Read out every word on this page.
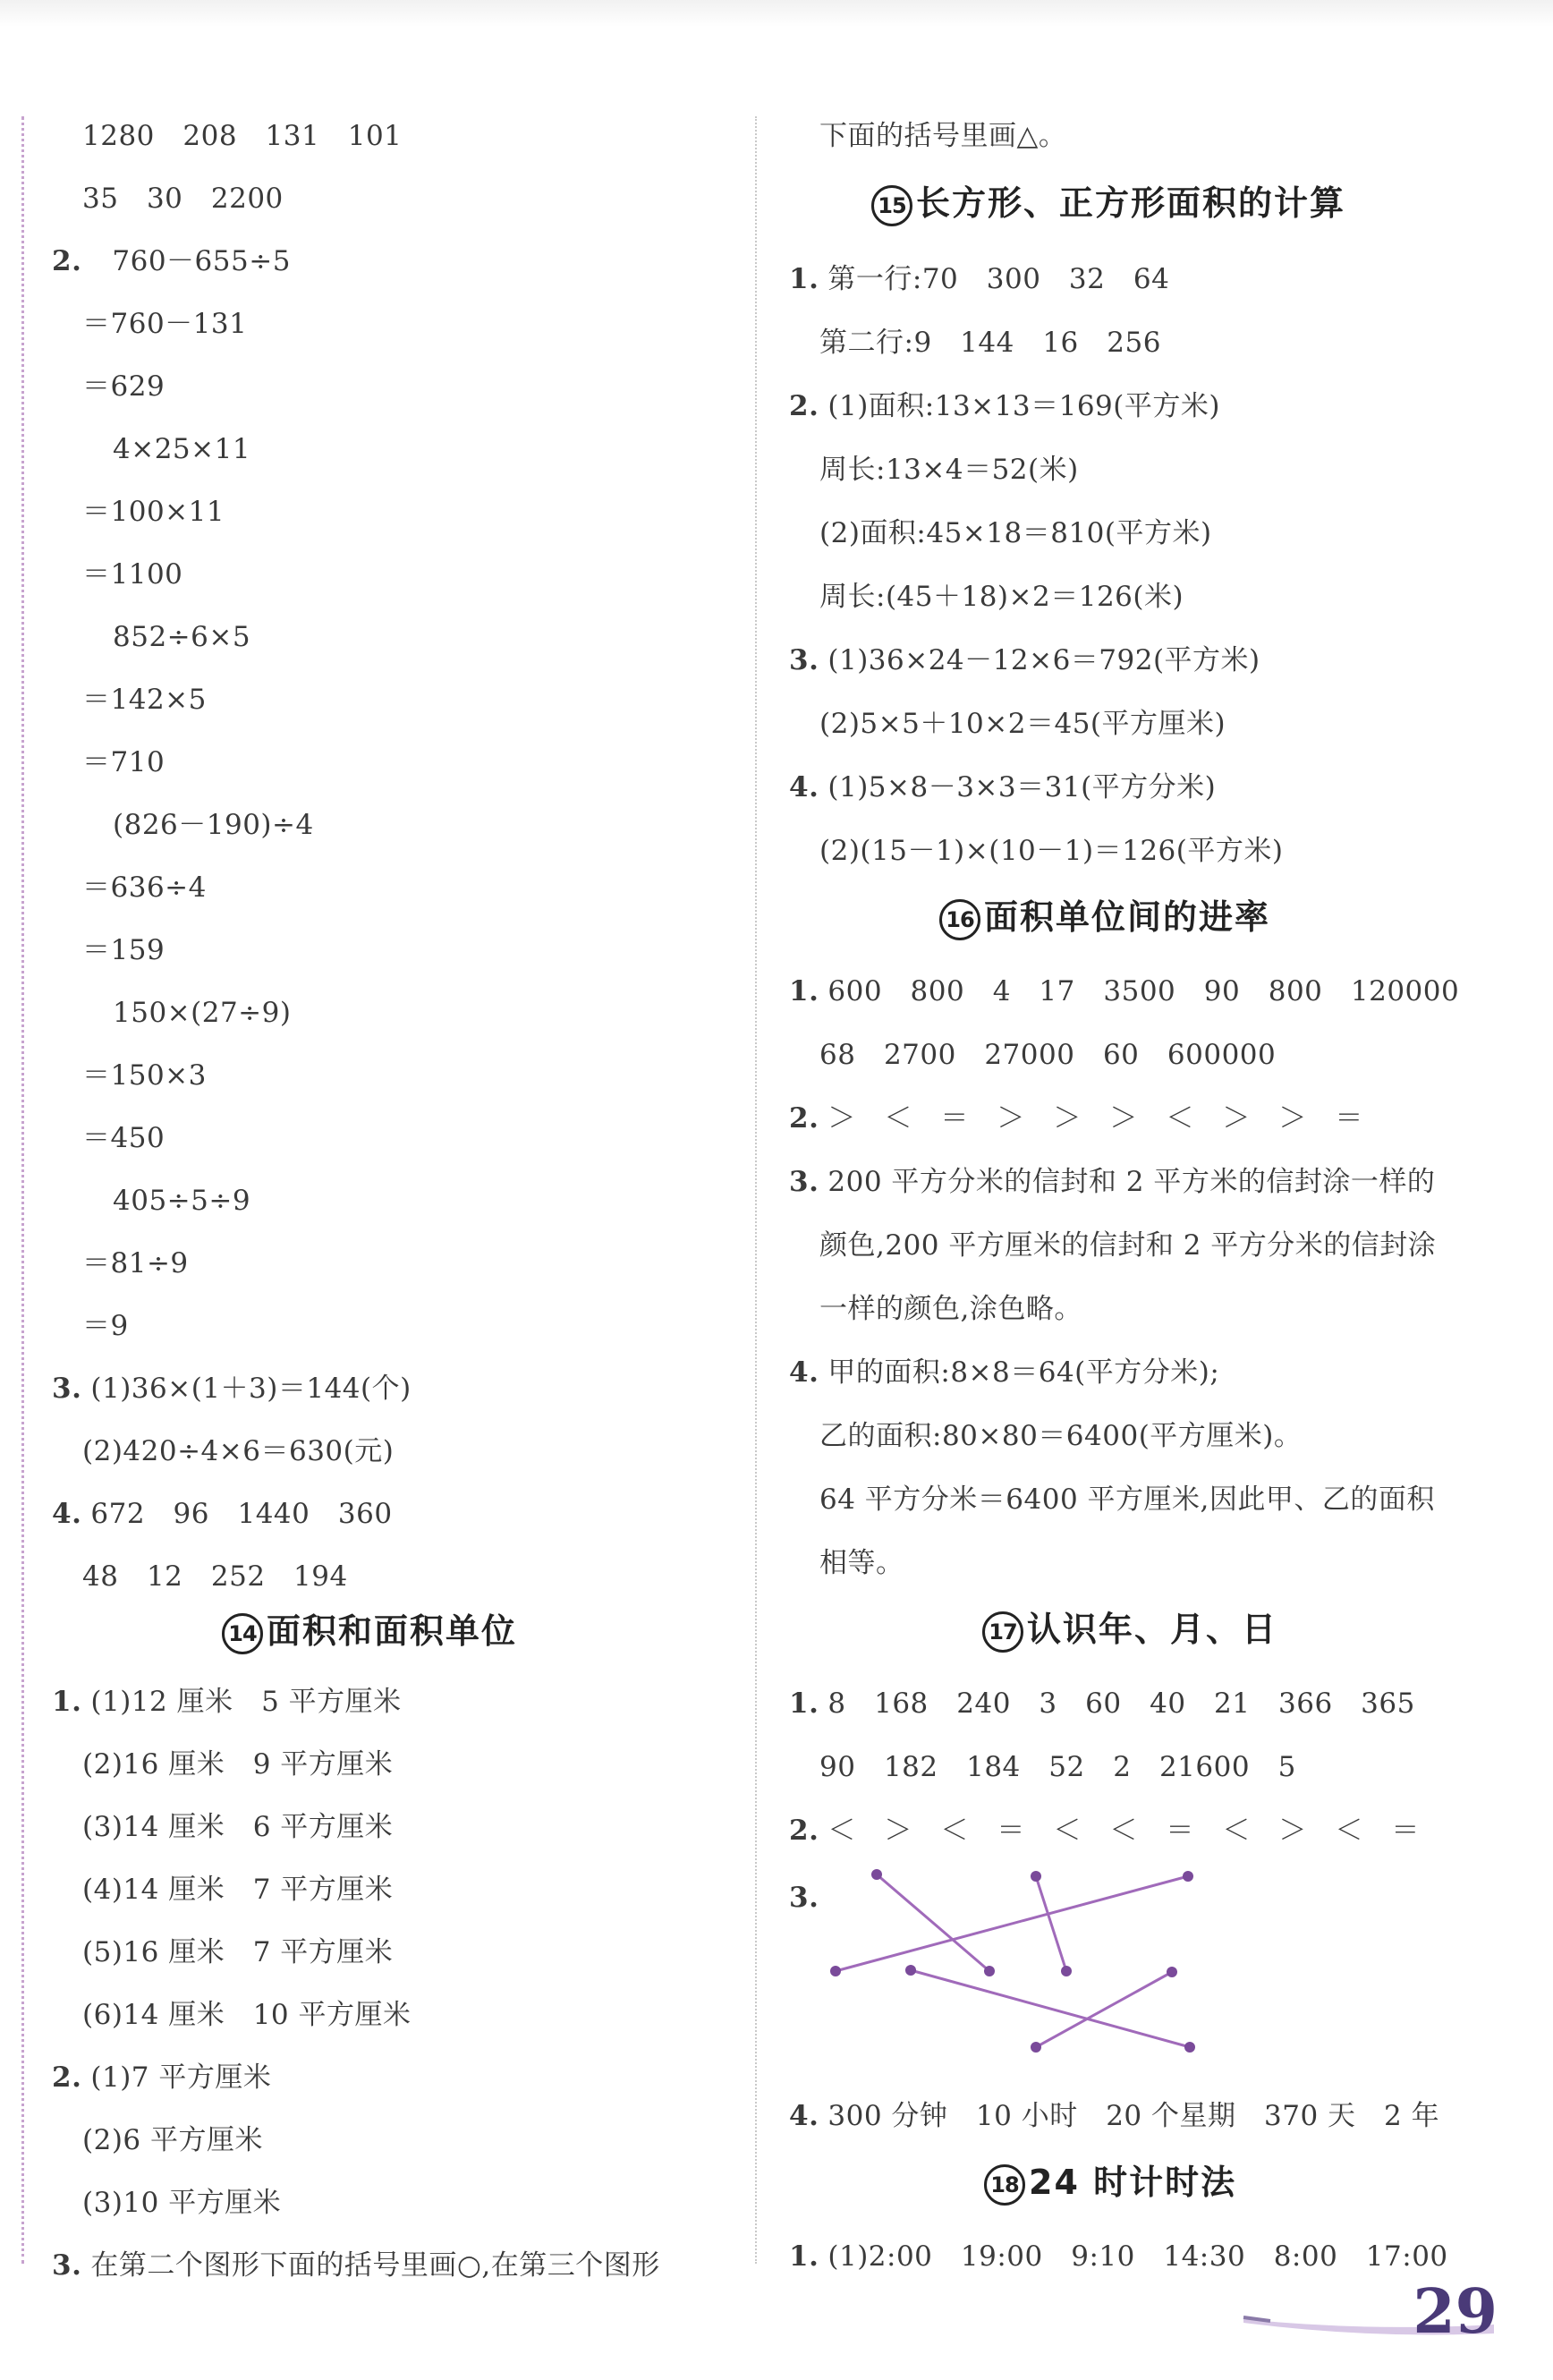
1280　208　131　101
35　30　2200
2. 760－655÷5
＝760－131
＝629
4×25×11
＝100×11
＝1100
852÷6×5
＝142×5
＝710
(826－190)÷4
＝636÷4
＝159
150×(27÷9)
＝150×3
＝450
405÷5÷9
＝81÷9
＝9
3. (1)36×(1＋3)＝144(个)
(2)420÷4×6＝630(元)
4. 672　96　1440　360
48　12　252　194
14 面积和面积单位
1. (1)12 厘米　5 平方厘米
(2)16 厘米　9 平方厘米
(3)14 厘米　6 平方厘米
(4)14 厘米　7 平方厘米
(5)16 厘米　7 平方厘米
(6)14 厘米　10 平方厘米
2. (1)7 平方厘米
(2)6 平方厘米
(3)10 平方厘米
3. 在第二个图形下面的括号里画○,在第三个图形
下面的括号里画△。
15 长方形、正方形面积的计算
1. 第一行:70　300　32　64
第二行:9　144　16　256
2. (1)面积:13×13＝169(平方米)
周长:13×4＝52(米)
(2)面积:45×18＝810(平方米)
周长:(45＋18)×2＝126(米)
3. (1)36×24－12×6＝792(平方米)
(2)5×5＋10×2＝45(平方厘米)
4. (1)5×8－3×3＝31(平方分米)
(2)(15－1)×(10－1)＝126(平方米)
16 面积单位间的进率
1. 600　800　4　17　3500　90　800　120000
68　2700　27000　60　600000
2. ＞　＜　＝　＞　＞　＞　＜　＞　＞　＝
3. 200 平方分米的信封和 2 平方米的信封涂一样的
颜色,200 平方厘米的信封和 2 平方分米的信封涂
一样的颜色,涂色略。
4. 甲的面积:8×8＝64(平方分米);
乙的面积:80×80＝6400(平方厘米)。
64 平方分米＝6400 平方厘米,因此甲、乙的面积
相等。
17 认识年、月、日
1. 8　168　240　3　60　40　21　366　365
90　182　184　52　2　21600　5
2. ＜　＞　＜　＝　＜　＜　＝　＜　＞　＜　＝
3.
4. 300 分钟　10 小时　20 个星期　370 天　2 年
18 24 时计时法
1. (1)2:00　19:00　9:10　14:30　8:00　17:00
29
